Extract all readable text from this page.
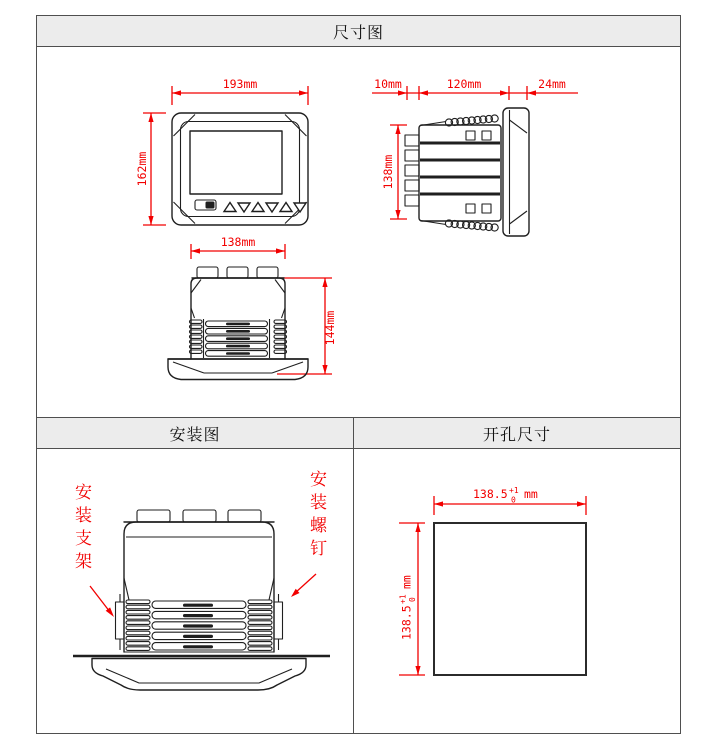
尺寸图
193mm
162mm
10mm	120mm	24mm
138mm
138mm
144mm
安装图	开孔尺寸
安装支架	安装螺钉	138.5 +1
0 mm
138.5
+1 0
mm
